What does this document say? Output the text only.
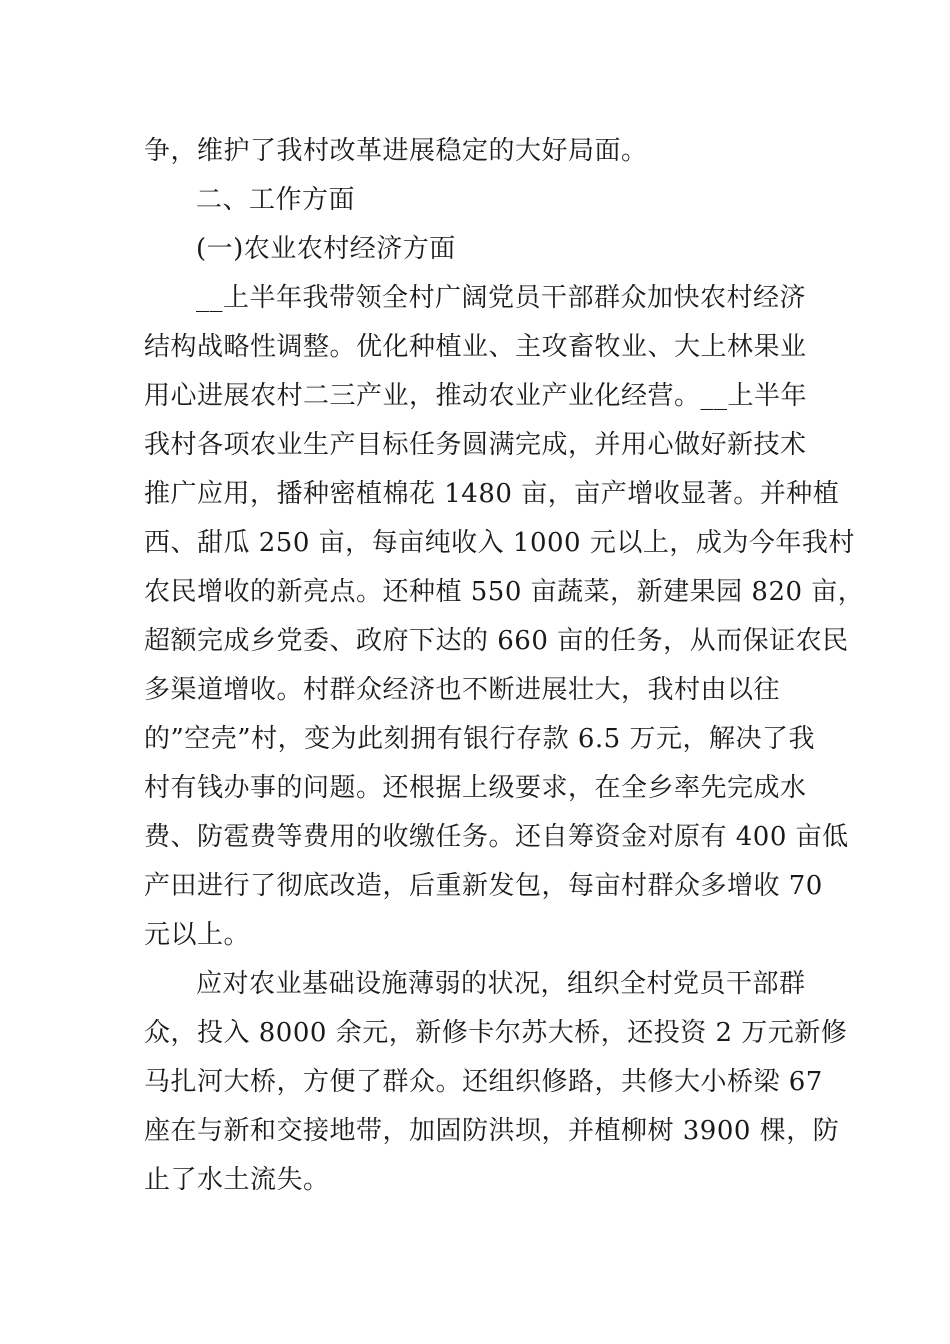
争，维护了我村改革进展稳定的大好局面。
二、工作方面
(一)农业农村经济方面
__上半年我带领全村广阔党员干部群众加快农村经济
结构战略性调整。优化种植业、主攻畜牧业、大上林果业
用心进展农村二三产业，推动农业产业化经营。__上半年
我村各项农业生产目标任务圆满完成，并用心做好新技术
推广应用，播种密植棉花 1480 亩，亩产增收显著。并种植
西、甜瓜 250 亩，每亩纯收入 1000 元以上，成为今年我村
农民增收的新亮点。还种植 550 亩蔬菜，新建果园 820 亩，
超额完成乡党委、政府下达的 660 亩的任务，从而保证农民
多渠道增收。村群众经济也不断进展壮大，我村由以往
的”空壳”村，变为此刻拥有银行存款 6.5 万元，解决了我
村有钱办事的问题。还根据上级要求，在全乡率先完成水
费、防雹费等费用的收缴任务。还自筹资金对原有 400 亩低
产田进行了彻底改造，后重新发包，每亩村群众多增收 70
元以上。
应对农业基础设施薄弱的状况，组织全村党员干部群
众，投入 8000 余元，新修卡尔苏大桥，还投资 2 万元新修
马扎河大桥，方便了群众。还组织修路，共修大小桥梁 67
座在与新和交接地带，加固防洪坝，并植柳树 3900 棵，防
止了水土流失。
